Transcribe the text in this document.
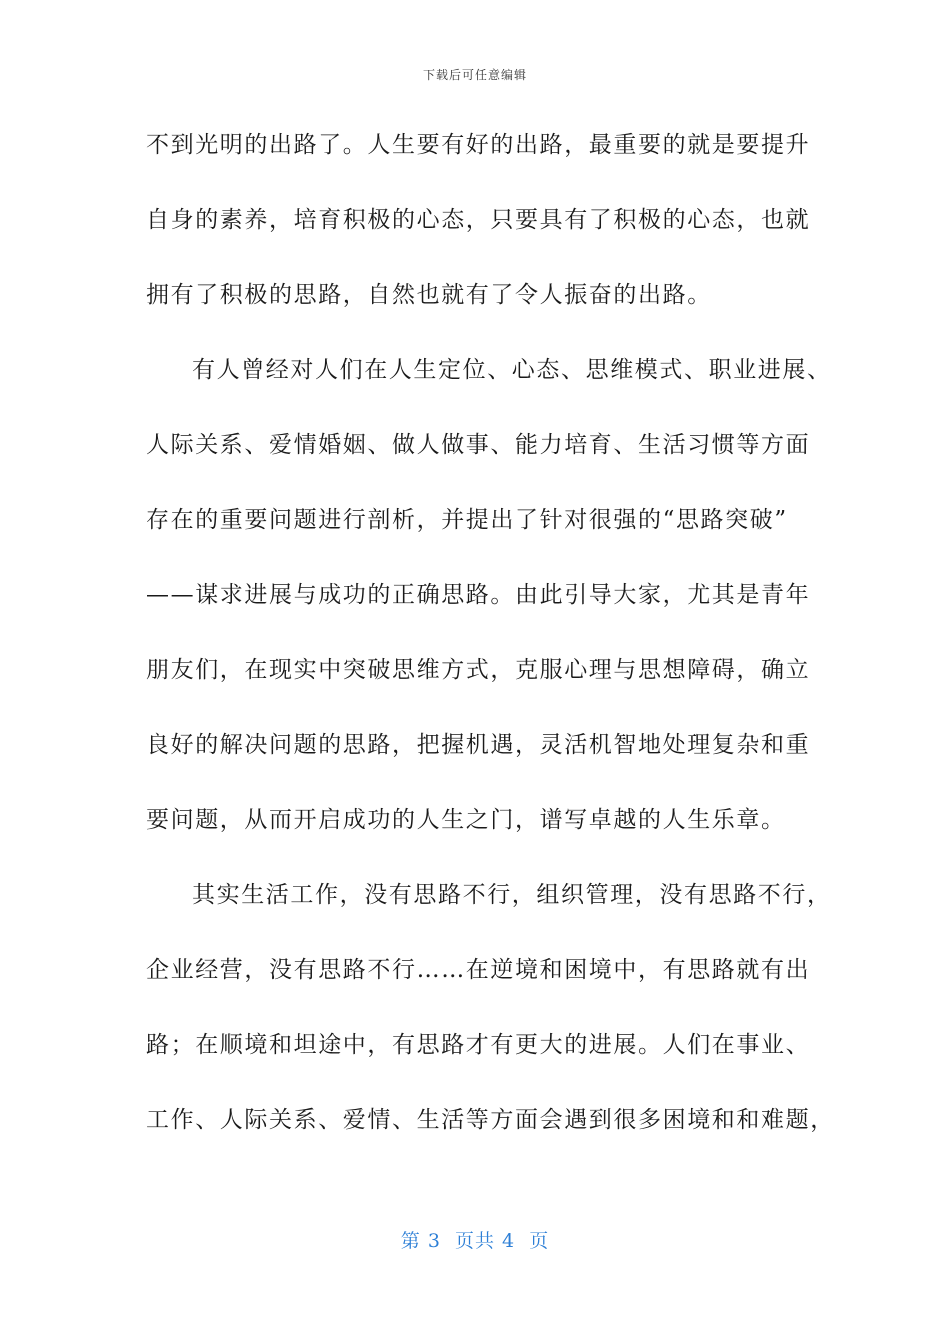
下载后可任意编辑
不到光明的出路了。人生要有好的出路，最重要的就是要提升
自身的素养，培育积极的心态，只要具有了积极的心态，也就
拥有了积极的思路，自然也就有了令人振奋的出路。
有人曾经对人们在人生定位、心态、思维模式、职业进展、
人际关系、爱情婚姻、做人做事、能力培育、生活习惯等方面
存在的重要问题进行剖析，并提出了针对很强的“思路突破”
——谋求进展与成功的正确思路。由此引导大家，尤其是青年
朋友们，在现实中突破思维方式，克服心理与思想障碍，确立
良好的解决问题的思路，把握机遇，灵活机智地处理复杂和重
要问题，从而开启成功的人生之门，谱写卓越的人生乐章。
其实生活工作，没有思路不行，组织管理，没有思路不行，
企业经营，没有思路不行……在逆境和困境中，有思路就有出
路；在顺境和坦途中，有思路才有更大的进展。人们在事业、
工作、人际关系、爱情、生活等方面会遇到很多困境和和难题，
第 3  页共 4  页
